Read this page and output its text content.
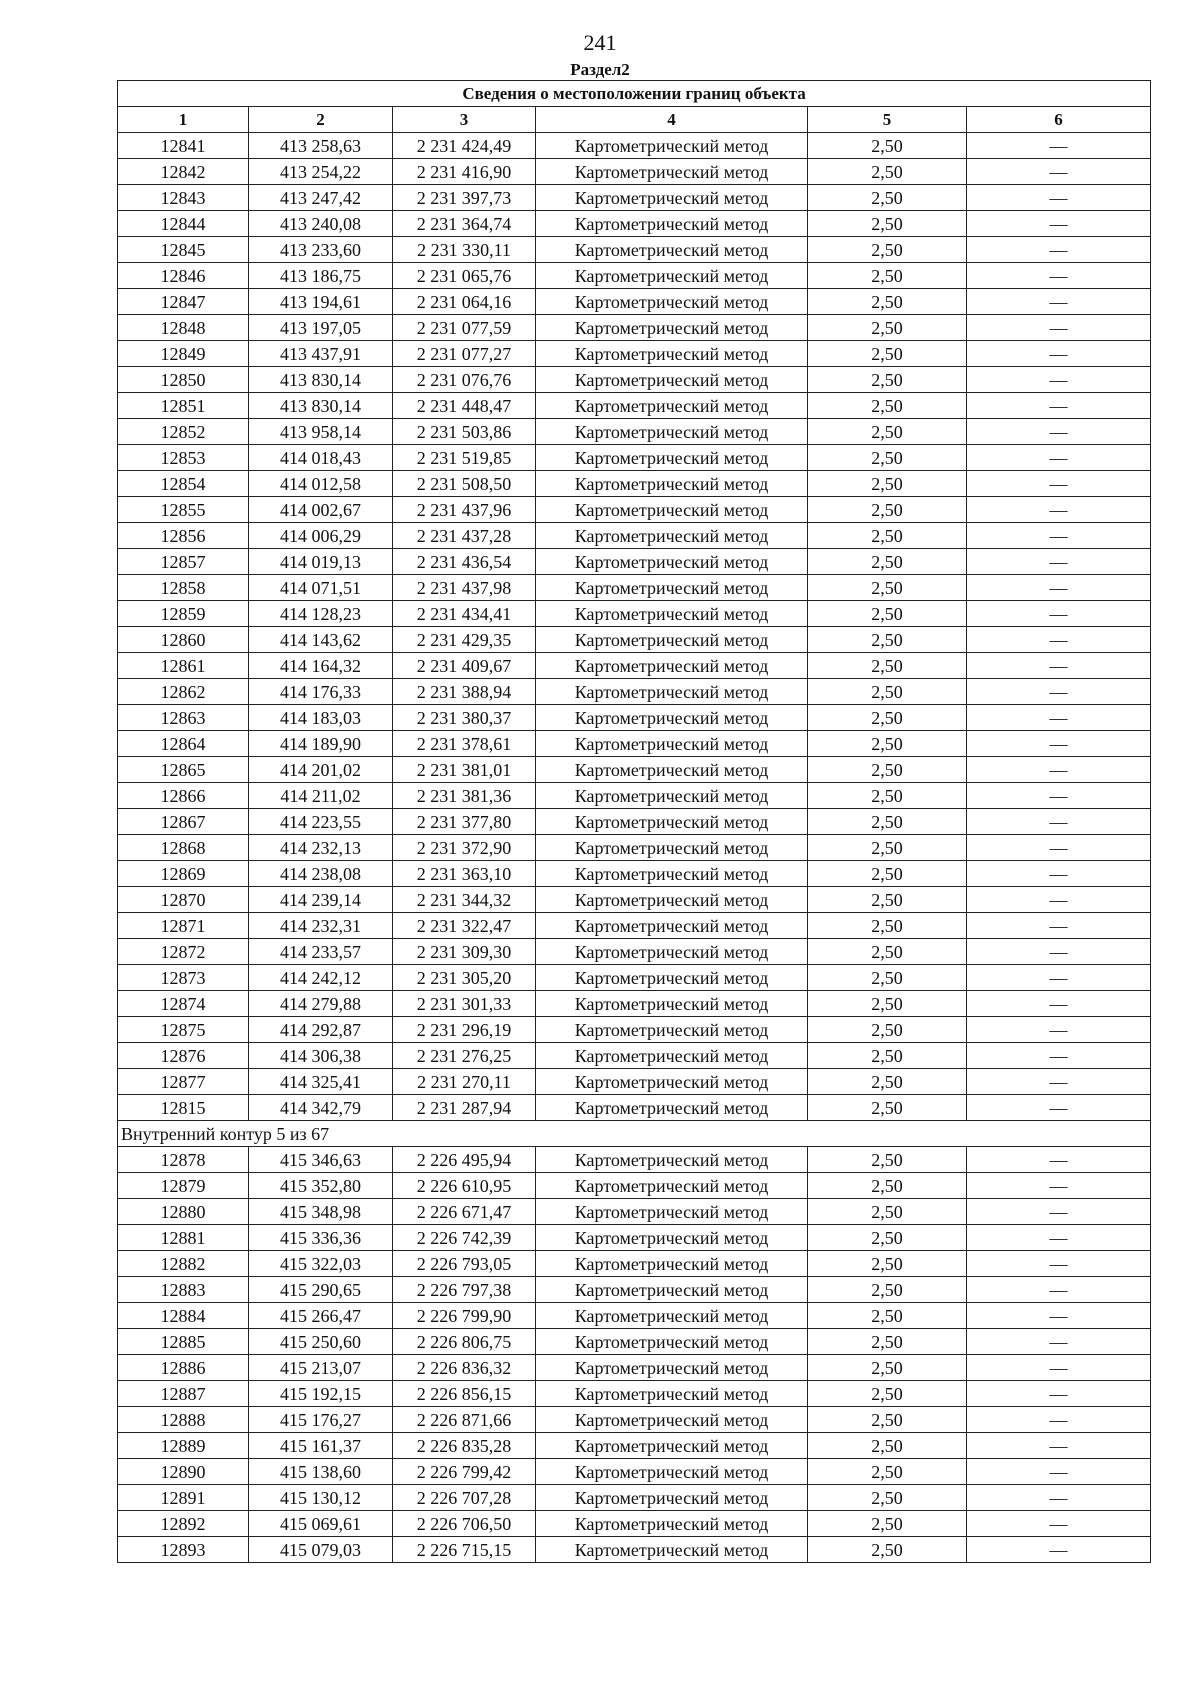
241
Раздел2
Сведения о местоположении границ объекта					
1	2	3	4	5	6
12841	413 258,63	2 231 424,49	Картометрический метод	2,50	—
12842	413 254,22	2 231 416,90	Картометрический метод	2,50	—
12843	413 247,42	2 231 397,73	Картометрический метод	2,50	—
12844	413 240,08	2 231 364,74	Картометрический метод	2,50	—
12845	413 233,60	2 231 330,11	Картометрический метод	2,50	—
12846	413 186,75	2 231 065,76	Картометрический метод	2,50	—
12847	413 194,61	2 231 064,16	Картометрический метод	2,50	—
12848	413 197,05	2 231 077,59	Картометрический метод	2,50	—
12849	413 437,91	2 231 077,27	Картометрический метод	2,50	—
12850	413 830,14	2 231 076,76	Картометрический метод	2,50	—
12851	413 830,14	2 231 448,47	Картометрический метод	2,50	—
12852	413 958,14	2 231 503,86	Картометрический метод	2,50	—
12853	414 018,43	2 231 519,85	Картометрический метод	2,50	—
12854	414 012,58	2 231 508,50	Картометрический метод	2,50	—
12855	414 002,67	2 231 437,96	Картометрический метод	2,50	—
12856	414 006,29	2 231 437,28	Картометрический метод	2,50	—
12857	414 019,13	2 231 436,54	Картометрический метод	2,50	—
12858	414 071,51	2 231 437,98	Картометрический метод	2,50	—
12859	414 128,23	2 231 434,41	Картометрический метод	2,50	—
12860	414 143,62	2 231 429,35	Картометрический метод	2,50	—
12861	414 164,32	2 231 409,67	Картометрический метод	2,50	—
12862	414 176,33	2 231 388,94	Картометрический метод	2,50	—
12863	414 183,03	2 231 380,37	Картометрический метод	2,50	—
12864	414 189,90	2 231 378,61	Картометрический метод	2,50	—
12865	414 201,02	2 231 381,01	Картометрический метод	2,50	—
12866	414 211,02	2 231 381,36	Картометрический метод	2,50	—
12867	414 223,55	2 231 377,80	Картометрический метод	2,50	—
12868	414 232,13	2 231 372,90	Картометрический метод	2,50	—
12869	414 238,08	2 231 363,10	Картометрический метод	2,50	—
12870	414 239,14	2 231 344,32	Картометрический метод	2,50	—
12871	414 232,31	2 231 322,47	Картометрический метод	2,50	—
12872	414 233,57	2 231 309,30	Картометрический метод	2,50	—
12873	414 242,12	2 231 305,20	Картометрический метод	2,50	—
12874	414 279,88	2 231 301,33	Картометрический метод	2,50	—
12875	414 292,87	2 231 296,19	Картометрический метод	2,50	—
12876	414 306,38	2 231 276,25	Картометрический метод	2,50	—
12877	414 325,41	2 231 270,11	Картометрический метод	2,50	—
12815	414 342,79	2 231 287,94	Картометрический метод	2,50	—
Внутренний контур 5 из 67					
12878	415 346,63	2 226 495,94	Картометрический метод	2,50	—
12879	415 352,80	2 226 610,95	Картометрический метод	2,50	—
12880	415 348,98	2 226 671,47	Картометрический метод	2,50	—
12881	415 336,36	2 226 742,39	Картометрический метод	2,50	—
12882	415 322,03	2 226 793,05	Картометрический метод	2,50	—
12883	415 290,65	2 226 797,38	Картометрический метод	2,50	—
12884	415 266,47	2 226 799,90	Картометрический метод	2,50	—
12885	415 250,60	2 226 806,75	Картометрический метод	2,50	—
12886	415 213,07	2 226 836,32	Картометрический метод	2,50	—
12887	415 192,15	2 226 856,15	Картометрический метод	2,50	—
12888	415 176,27	2 226 871,66	Картометрический метод	2,50	—
12889	415 161,37	2 226 835,28	Картометрический метод	2,50	—
12890	415 138,60	2 226 799,42	Картометрический метод	2,50	—
12891	415 130,12	2 226 707,28	Картометрический метод	2,50	—
12892	415 069,61	2 226 706,50	Картометрический метод	2,50	—
12893	415 079,03	2 226 715,15	Картометрический метод	2,50	—
